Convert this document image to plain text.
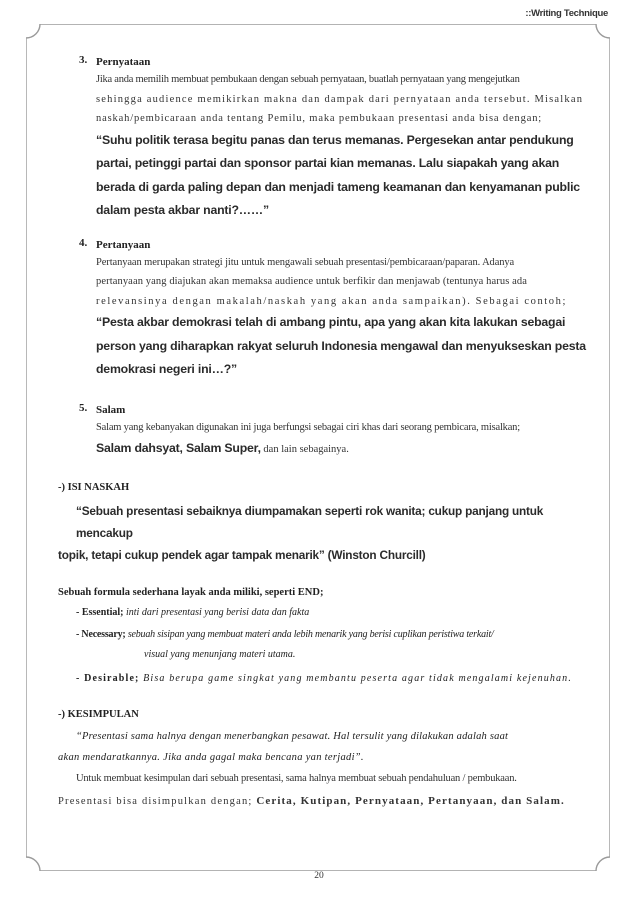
::Writing Technique
3. Pernyataan
Jika anda memilih membuat pembukaan dengan sebuah pernyataan, buatlah pernyataan yang mengejutkan
sehingga audience memikirkan makna dan dampak dari pernyataan anda tersebut. Misalkan
naskah/pembicaraan anda tentang Pemilu, maka pembukaan presentasi anda bisa dengan;
“Suhu politik terasa begitu panas dan terus memanas. Pergesekan antar pendukung
partai, petinggi partai dan sponsor partai kian memanas. Lalu siapakah yang akan
berada di garda paling depan dan menjadi tameng keamanan dan kenyamanan public
dalam pesta akbar nanti?……”
4. Pertanyaan
Pertanyaan merupakan strategi jitu untuk mengawali sebuah presentasi/pembicaraan/paparan. Adanya
pertanyaan yang diajukan akan memaksa audience untuk berfikir dan menjawab (tentunya harus ada
relevansinya dengan makalah/naskah yang akan anda sampaikan). Sebagai contoh;
“Pesta akbar demokrasi telah di ambang pintu, apa yang akan kita lakukan sebagai
person yang diharapkan rakyat seluruh Indonesia mengawal dan menyukseskan pesta
demokrasi negeri ini…?”
5. Salam
Salam yang kebanyakan digunakan ini juga berfungsi sebagai ciri khas dari seorang pembicara, misalkan;
Salam dahsyat, Salam Super, dan lain sebagainya.
-) ISI NASKAH
“Sebuah presentasi sebaiknya diumpamakan seperti rok wanita; cukup panjang untuk mencakup
topik, tetapi cukup pendek agar tampak menarik” (Winston Churcill)
Sebuah formula sederhana layak anda miliki, seperti END;
- Essential; inti dari presentasi yang berisi data dan fakta
- Necessary; sebuah sisipan yang membuat materi anda lebih menarik yang berisi cuplikan peristiwa terkait/
visual yang menunjang materi utama.
- Desirable; Bisa berupa game singkat yang membantu peserta agar tidak mengalami kejenuhan.
-) KESIMPULAN
“Presentasi sama halnya dengan menerbangkan pesawat. Hal tersulit yang dilakukan adalah saat
akan mendaratkannya. Jika anda gagal maka bencana yan terjadi”.
Untuk membuat kesimpulan dari sebuah presentasi, sama halnya membuat sebuah pendahuluan / pembukaan.
Presentasi bisa disimpulkan dengan; Cerita, Kutipan, Pernyataan, Pertanyaan, dan Salam.
20
